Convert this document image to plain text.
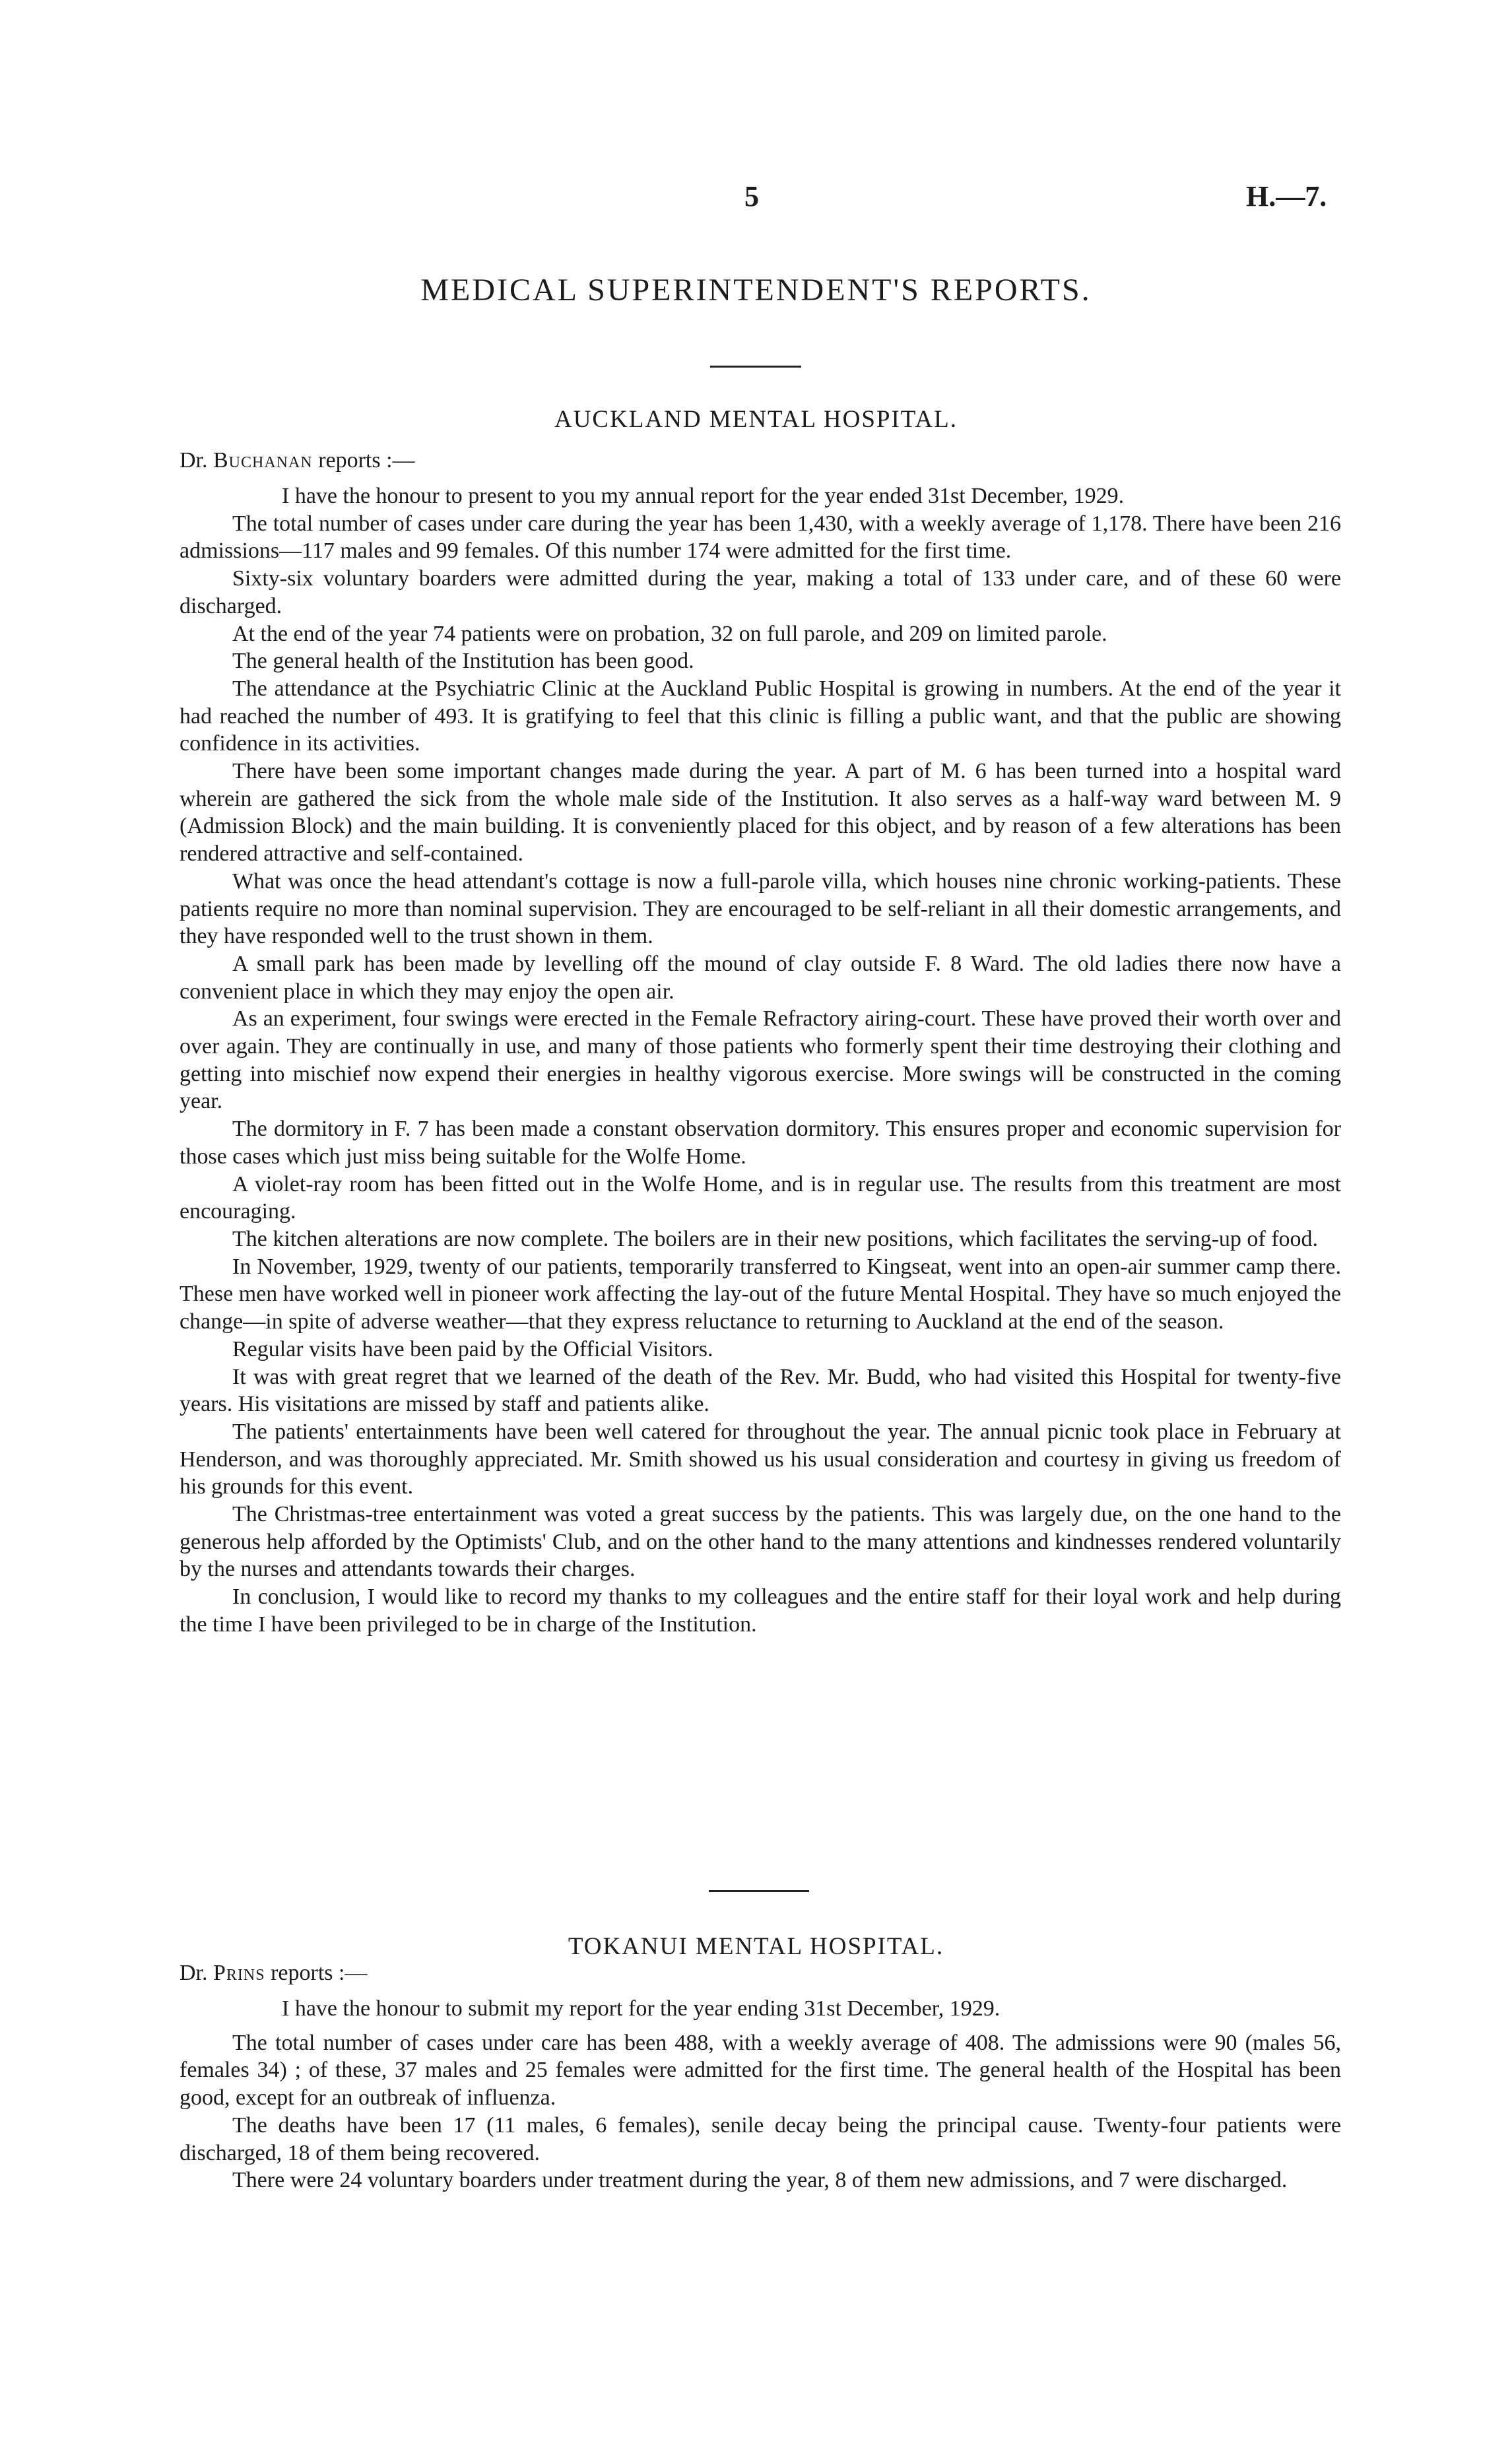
5	H.—7.
MEDICAL SUPERINTENDENT'S REPORTS.
AUCKLAND MENTAL HOSPITAL.
Dr. Buchanan reports :—

I have the honour to present to you my annual report for the year ended 31st December, 1929.

The total number of cases under care during the year has been 1,430, with a weekly average of 1,178. There have been 216 admissions—117 males and 99 females. Of this number 174 were admitted for the first time.

Sixty-six voluntary boarders were admitted during the year, making a total of 133 under care, and of these 60 were discharged.

At the end of the year 74 patients were on probation, 32 on full parole, and 209 on limited parole.

The general health of the Institution has been good.

The attendance at the Psychiatric Clinic at the Auckland Public Hospital is growing in numbers. At the end of the year it had reached the number of 493. It is gratifying to feel that this clinic is filling a public want, and that the public are showing confidence in its activities.

There have been some important changes made during the year. A part of M. 6 has been turned into a hospital ward wherein are gathered the sick from the whole male side of the Institution. It also serves as a half-way ward between M. 9 (Admission Block) and the main building. It is conveniently placed for this object, and by reason of a few alterations has been rendered attractive and self-contained.

What was once the head attendant's cottage is now a full-parole villa, which houses nine chronic working-patients. These patients require no more than nominal supervision. They are encouraged to be self-reliant in all their domestic arrangements, and they have responded well to the trust shown in them.

A small park has been made by levelling off the mound of clay outside F. 8 Ward. The old ladies there now have a convenient place in which they may enjoy the open air.

As an experiment, four swings were erected in the Female Refractory airing-court. These have proved their worth over and over again. They are continually in use, and many of those patients who formerly spent their time destroying their clothing and getting into mischief now expend their energies in healthy vigorous exercise. More swings will be constructed in the coming year.

The dormitory in F. 7 has been made a constant observation dormitory. This ensures proper and economic supervision for those cases which just miss being suitable for the Wolfe Home.

A violet-ray room has been fitted out in the Wolfe Home, and is in regular use. The results from this treatment are most encouraging.

The kitchen alterations are now complete. The boilers are in their new positions, which facilitates the serving-up of food.

In November, 1929, twenty of our patients, temporarily transferred to Kingseat, went into an open-air summer camp there. These men have worked well in pioneer work affecting the lay-out of the future Mental Hospital. They have so much enjoyed the change—in spite of adverse weather—that they express reluctance to returning to Auckland at the end of the season.

Regular visits have been paid by the Official Visitors.

It was with great regret that we learned of the death of the Rev. Mr. Budd, who had visited this Hospital for twenty-five years. His visitations are missed by staff and patients alike.

The patients' entertainments have been well catered for throughout the year. The annual picnic took place in February at Henderson, and was thoroughly appreciated. Mr. Smith showed us his usual consideration and courtesy in giving us freedom of his grounds for this event.

The Christmas-tree entertainment was voted a great success by the patients. This was largely due, on the one hand to the generous help afforded by the Optimists' Club, and on the other hand to the many attentions and kindnesses rendered voluntarily by the nurses and attendants towards their charges.

In conclusion, I would like to record my thanks to my colleagues and the entire staff for their loyal work and help during the time I have been privileged to be in charge of the Institution.

TOKANUI MENTAL HOSPITAL.
Dr. Prins reports :—

I have the honour to submit my report for the year ending 31st December, 1929.

The total number of cases under care has been 488, with a weekly average of 408. The admissions were 90 (males 56, females 34) ; of these, 37 males and 25 females were admitted for the first time. The general health of the Hospital has been good, except for an outbreak of influenza.

The deaths have been 17 (11 males, 6 females), senile decay being the principal cause. Twenty-four patients were discharged, 18 of them being recovered.

There were 24 voluntary boarders under treatment during the year, 8 of them new admissions, and 7 were discharged.
